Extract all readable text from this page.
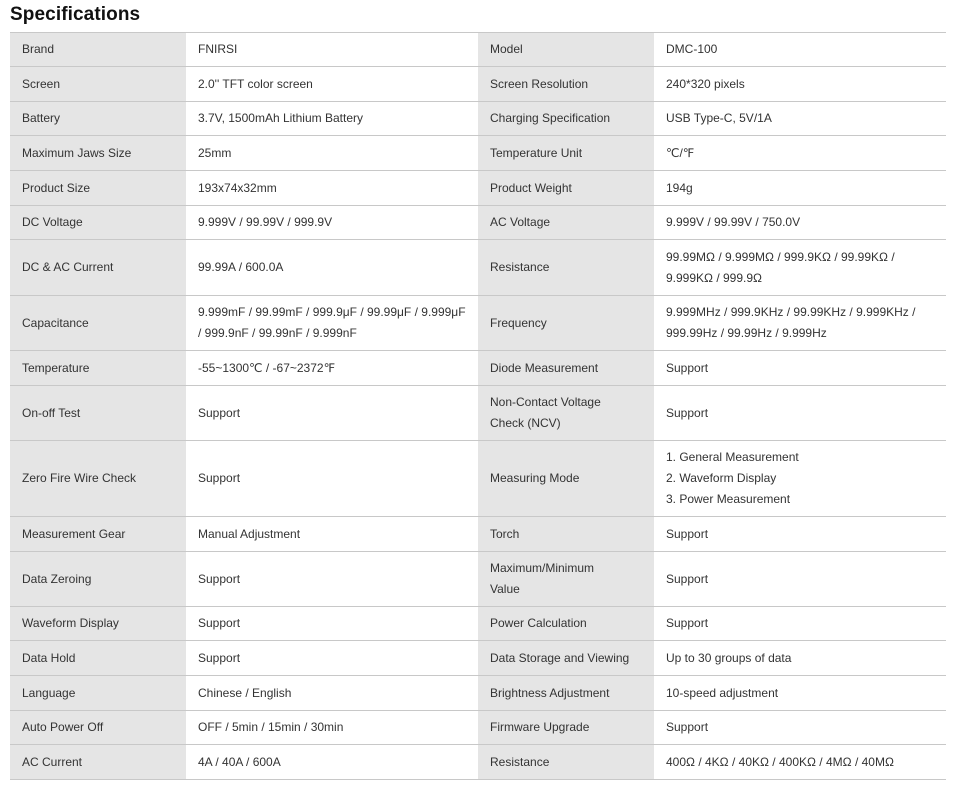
Specifications
Brand	FNIRSI	Model	DMC-100

Screen	2.0'' TFT color screen	Screen Resolution	240*320 pixels

Battery	3.7V, 1500mAh Lithium Battery	Charging Specification	USB Type-C, 5V/1A

Maximum Jaws Size	25mm	Temperature Unit	℃/℉

Product Size	193x74x32mm	Product Weight	194g

DC Voltage	9.999V / 99.99V / 999.9V	AC Voltage	9.999V / 99.99V / 750.0V

DC & AC Current	99.99A / 600.0A	Resistance	99.99MΩ / 9.999MΩ / 999.9KΩ / 99.99KΩ /
9.999KΩ / 999.9Ω

Capacitance	9.999mF / 99.99mF / 999.9μF / 99.99μF / 9.999μF
/ 999.9nF / 99.99nF / 9.999nF	Frequency	9.999MHz / 999.9KHz / 99.99KHz / 9.999KHz /
999.99Hz / 99.99Hz / 9.999Hz

Temperature	-55~1300℃ / -67~2372℉	Diode Measurement	Support

On-off Test	Support	Non-Contact Voltage
Check (NCV)	Support

Zero Fire Wire Check	Support	Measuring Mode	1. General Measurement
2. Waveform Display
3. Power Measurement

Measurement Gear	Manual Adjustment	Torch	Support

Data Zeroing	Support	Maximum/Minimum
Value	Support

Waveform Display	Support	Power Calculation	Support

Data Hold	Support	Data Storage and Viewing	Up to 30 groups of data

Language	Chinese / English	Brightness Adjustment	10-speed adjustment

Auto Power Off	OFF / 5min / 15min / 30min	Firmware Upgrade	Support

AC Current	4A / 40A / 600A	Resistance	400Ω / 4KΩ / 40KΩ / 400KΩ / 4MΩ / 40MΩ
